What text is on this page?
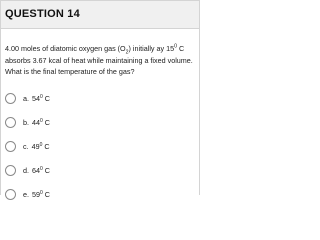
QUESTION 14
4.00 moles of diatomic oxygen gas $(O_2)$ initially ay $15^0$ C
absorbs 3.67 kcal of heat while maintaining a fixed volume.
What is the final temperature of the gas?
a. $54^0$ C
b. $44^0$ C
c. $49^0$ C
d. $64^0$ C
e. $59^0$ C
